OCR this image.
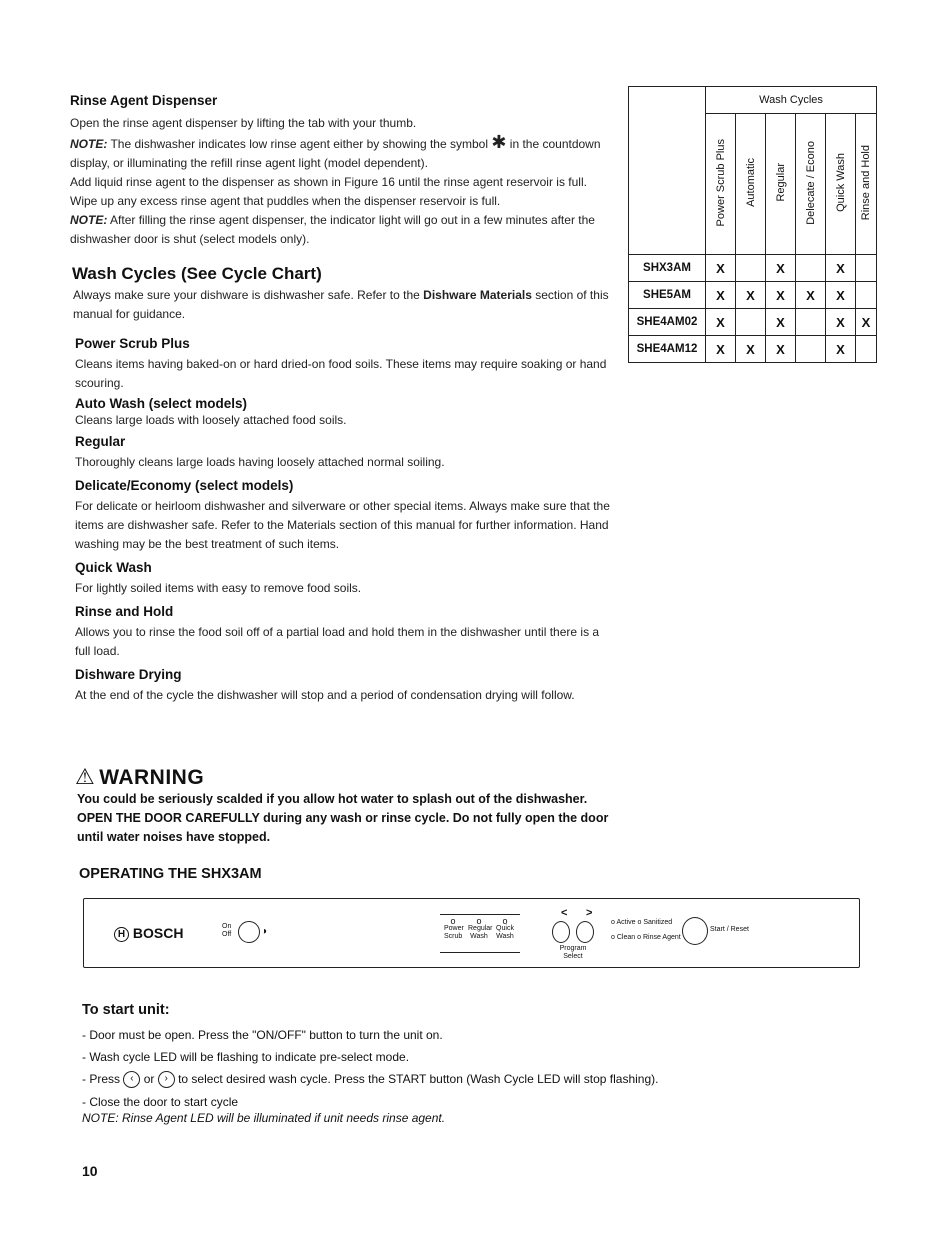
Rinse Agent Dispenser
Open the rinse agent dispenser by lifting the tab with your thumb.
NOTE: The dishwasher indicates low rinse agent either by showing the symbol ✱ in the countdown display, or illuminating the refill rinse agent light (model dependent).
Add liquid rinse agent to the dispenser as shown in Figure 16 until the rinse agent reservoir is full. Wipe up any excess rinse agent that puddles when the dispenser reservoir is full.
NOTE: After filling the rinse agent dispenser, the indicator light will go out in a few minutes after the dishwasher door is shut (select models only).
Wash Cycles (See Cycle Chart)
Always make sure your dishware is dishwasher safe. Refer to the Dishware Materials section of this manual for guidance.
Power Scrub Plus
Cleans items having baked-on or hard dried-on food soils. These items may require soaking or hand scouring.
Auto Wash (select models)
Cleans large loads with loosely attached food soils.
Regular
Thoroughly cleans large loads having loosely attached normal soiling.
Delicate/Economy (select models)
For delicate or heirloom dishwasher and silverware or other special items. Always make sure that the items are dishwasher safe. Refer to the Materials section of this manual for further information. Hand washing may be the best treatment of such items.
Quick Wash
For lightly soiled items with easy to remove food soils.
Rinse and Hold
Allows you to rinse the food soil off of a partial load and hold them in the dishwasher until there is a full load.
Dishware Drying
At the end of the cycle the dishwasher will stop and a period of condensation drying will follow.
	Wash Cycles					
	Power Scrub Plus	Automatic	Regular	Delecate / Econo	Quick Wash	Rinse and Hold
SHX3AM	X		X		X	
SHE5AM	X	X	X	X	X	
SHE4AM02	X		X		X	X
SHE4AM12	X	X	X		X	
⚠ WARNING
You could be seriously scalded if you allow hot water to splash out of the dishwasher.
OPEN THE DOOR CAREFULLY during any wash or rinse cycle. Do not fully open the door until water noises have stopped.
OPERATING THE SHX3AM
H BOSCH	On
Off	◑
o
Power
Scrub
o
Regular
Wash
o
Quick
Wash
< >
Program Select
o Active o Sanitized
o Clean o Rinse Agent
Start / Reset
To start unit:
- Door must be open. Press the "ON/OFF" button to turn the unit on.
- Wash cycle LED will be flashing to indicate pre-select mode.
- Press ‹ or › to select desired wash cycle. Press the START button (Wash Cycle LED will stop flashing).
- Close the door to start cycle
NOTE: Rinse Agent LED will be illuminated if unit needs rinse agent.
10
